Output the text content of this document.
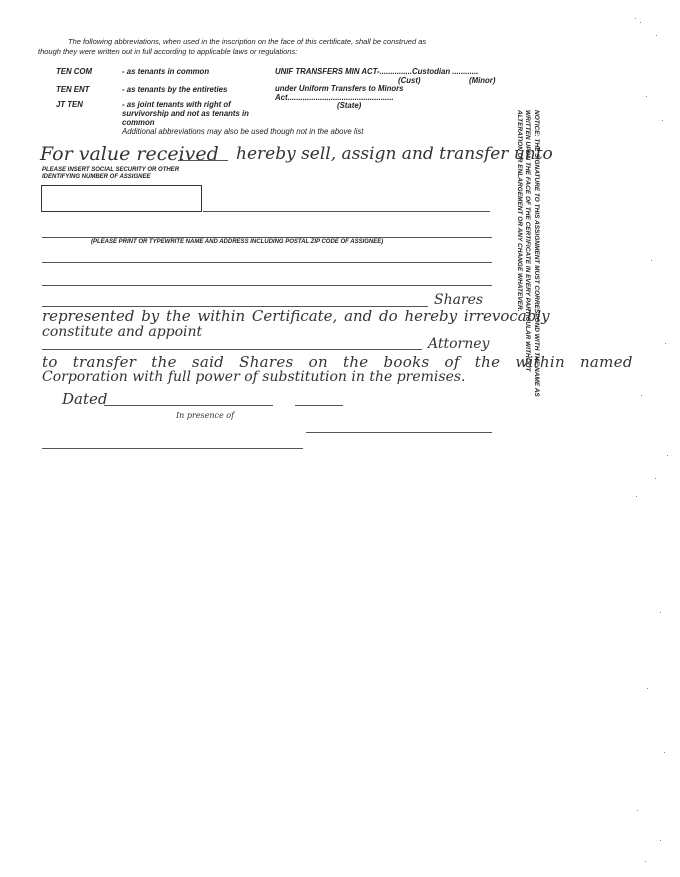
The following abbreviations, when used in the inscription on the face of this certificate, shall be construed as
though they were written out in full according to applicable laws or regulations:
TEN COM	- as tenants in common
TEN ENT	- as tenants by the entireties
JT TEN	- as joint tenants with right of survivorship and not as tenants in common
UNIF TRANSFERS MIN ACT-...............Custodian ............
(Cust)	(Minor)
under Uniform Transfers to Minors
Act.................................................
(State)
Additional abbreviations may also be used though not in the above list
For value received hereby sell, assign and transfer unto
PLEASE INSERT SOCIAL SECURITY OR OTHER
IDENTIFYING NUMBER OF ASSIGNEE
(PLEASE PRINT OR TYPEWRITE NAME AND ADDRESS INCLUDING POSTAL ZIP CODE OF ASSIGNEE)
Shares
represented by the within Certificate, and do hereby irrevocably
constitute and appoint
Attorney
to transfer the said Shares on the books of the within named
Corporation with full power of substitution in the premises.
Dated
In presence of
NOTICE: THE SIGNATURE TO THIS ASSIGNMENT MUST CORRESPOND WITH THE NAME AS WRITTEN UPON THE FACE OF THE CERTIFICATE IN EVERY PARTICULAR WITHOUT ALTERATION OR ENLARGEMENT OR ANY CHANGE WHATEVER.
